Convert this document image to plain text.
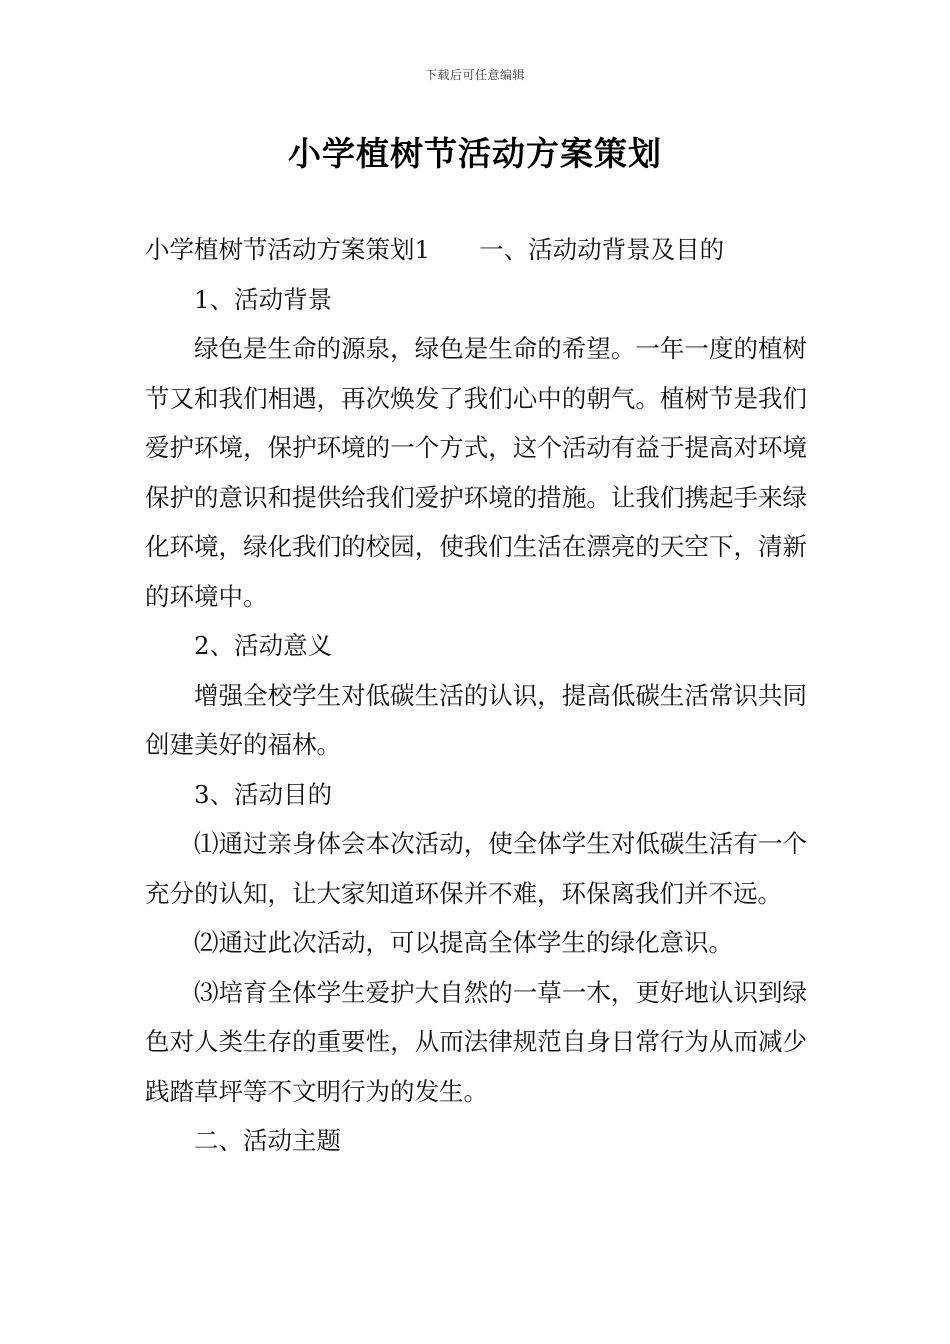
下载后可任意编辑
小学植树节活动方案策划

小学植树节活动方案策划1　　一、活动动背景及目的

1、活动背景

绿色是生命的源泉，绿色是生命的希望。一年一度的植树节又和我们相遇，再次焕发了我们心中的朝气。植树节是我们爱护环境，保护环境的一个方式，这个活动有益于提高对环境保护的意识和提供给我们爱护环境的措施。让我们携起手来绿化环境，绿化我们的校园，使我们生活在漂亮的天空下，清新的环境中。

2、活动意义

增强全校学生对低碳生活的认识，提高低碳生活常识共同创建美好的福林。

3、活动目的

⑴通过亲身体会本次活动，使全体学生对低碳生活有一个充分的认知，让大家知道环保并不难，环保离我们并不远。

⑵通过此次活动，可以提高全体学生的绿化意识。

⑶培育全体学生爱护大自然的一草一木，更好地认识到绿色对人类生存的重要性，从而法律规范自身日常行为从而减少践踏草坪等不文明行为的发生。

二、活动主题
